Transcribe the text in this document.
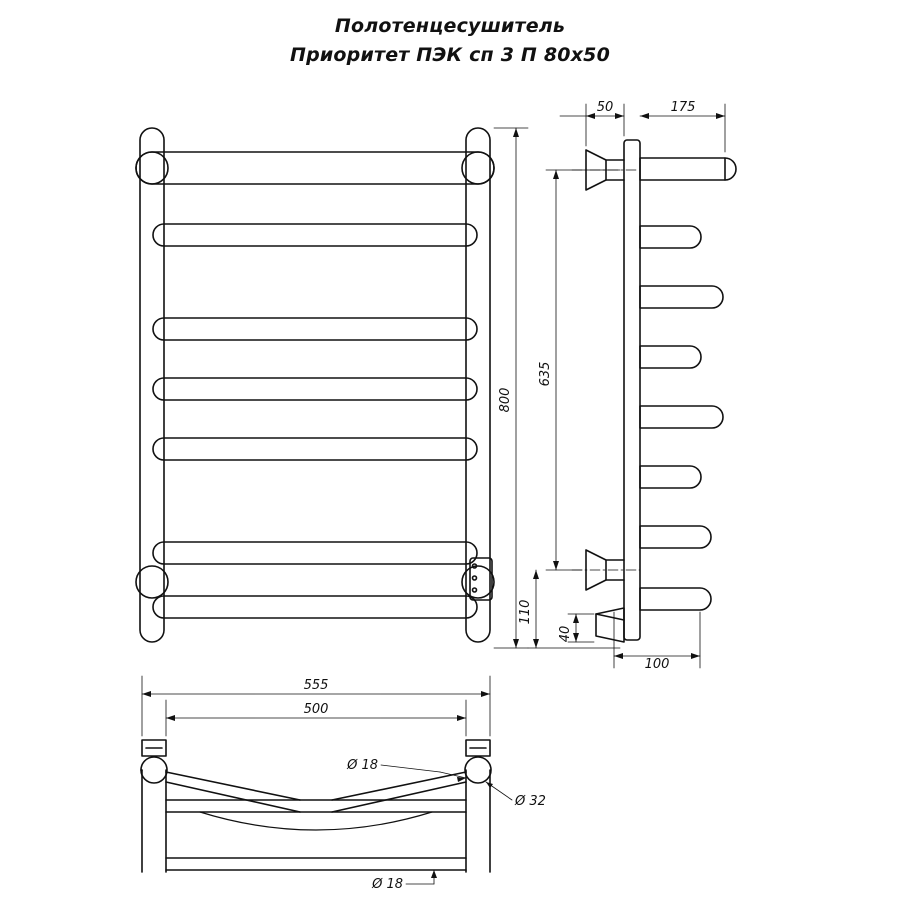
Полотенцесушитель
Приоритет ПЭК сп 3 П 80х50
800
635
110
40
50	175
100
555
500
Ø 18
Ø 32
Ø 18
